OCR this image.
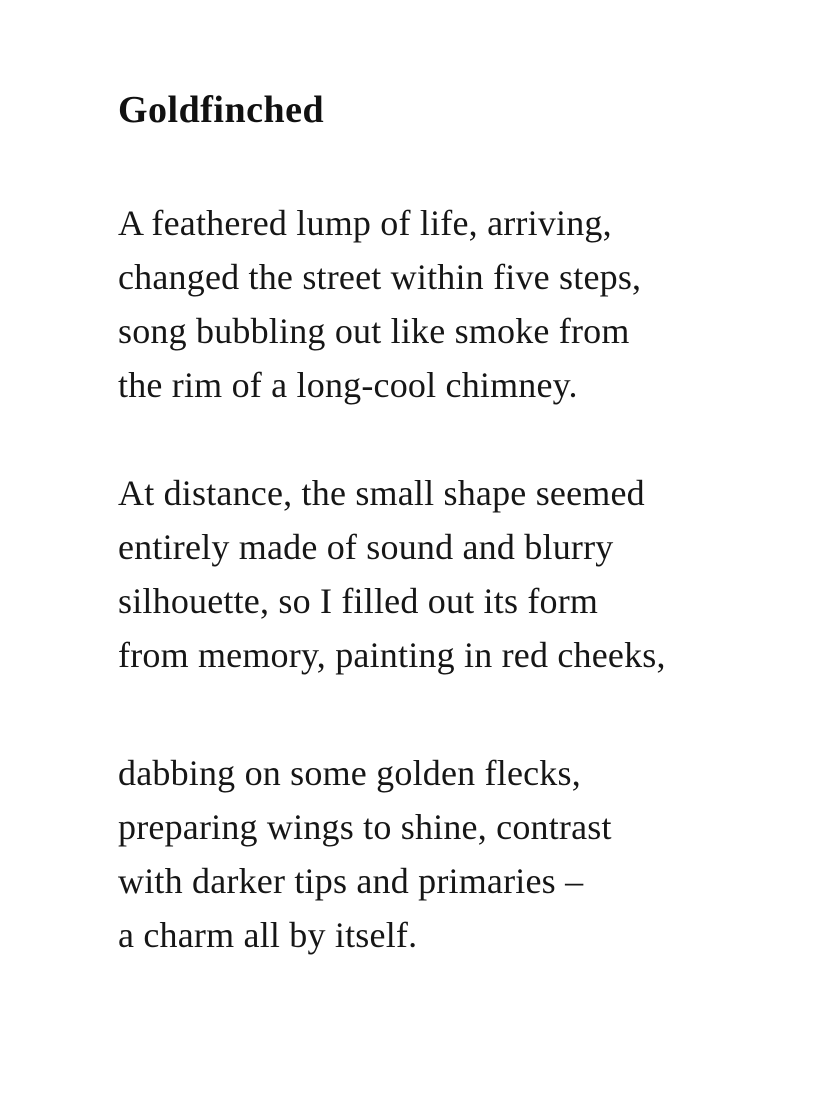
Goldfinched

A feathered lump of life, arriving,
changed the street within five steps,
song bubbling out like smoke from
the rim of a long-cool chimney.

At distance, the small shape seemed
entirely made of sound and blurry
silhouette, so I filled out its form
from memory, painting in red cheeks,

dabbing on some golden flecks,
preparing wings to shine, contrast
with darker tips and primaries –
a charm all by itself.
